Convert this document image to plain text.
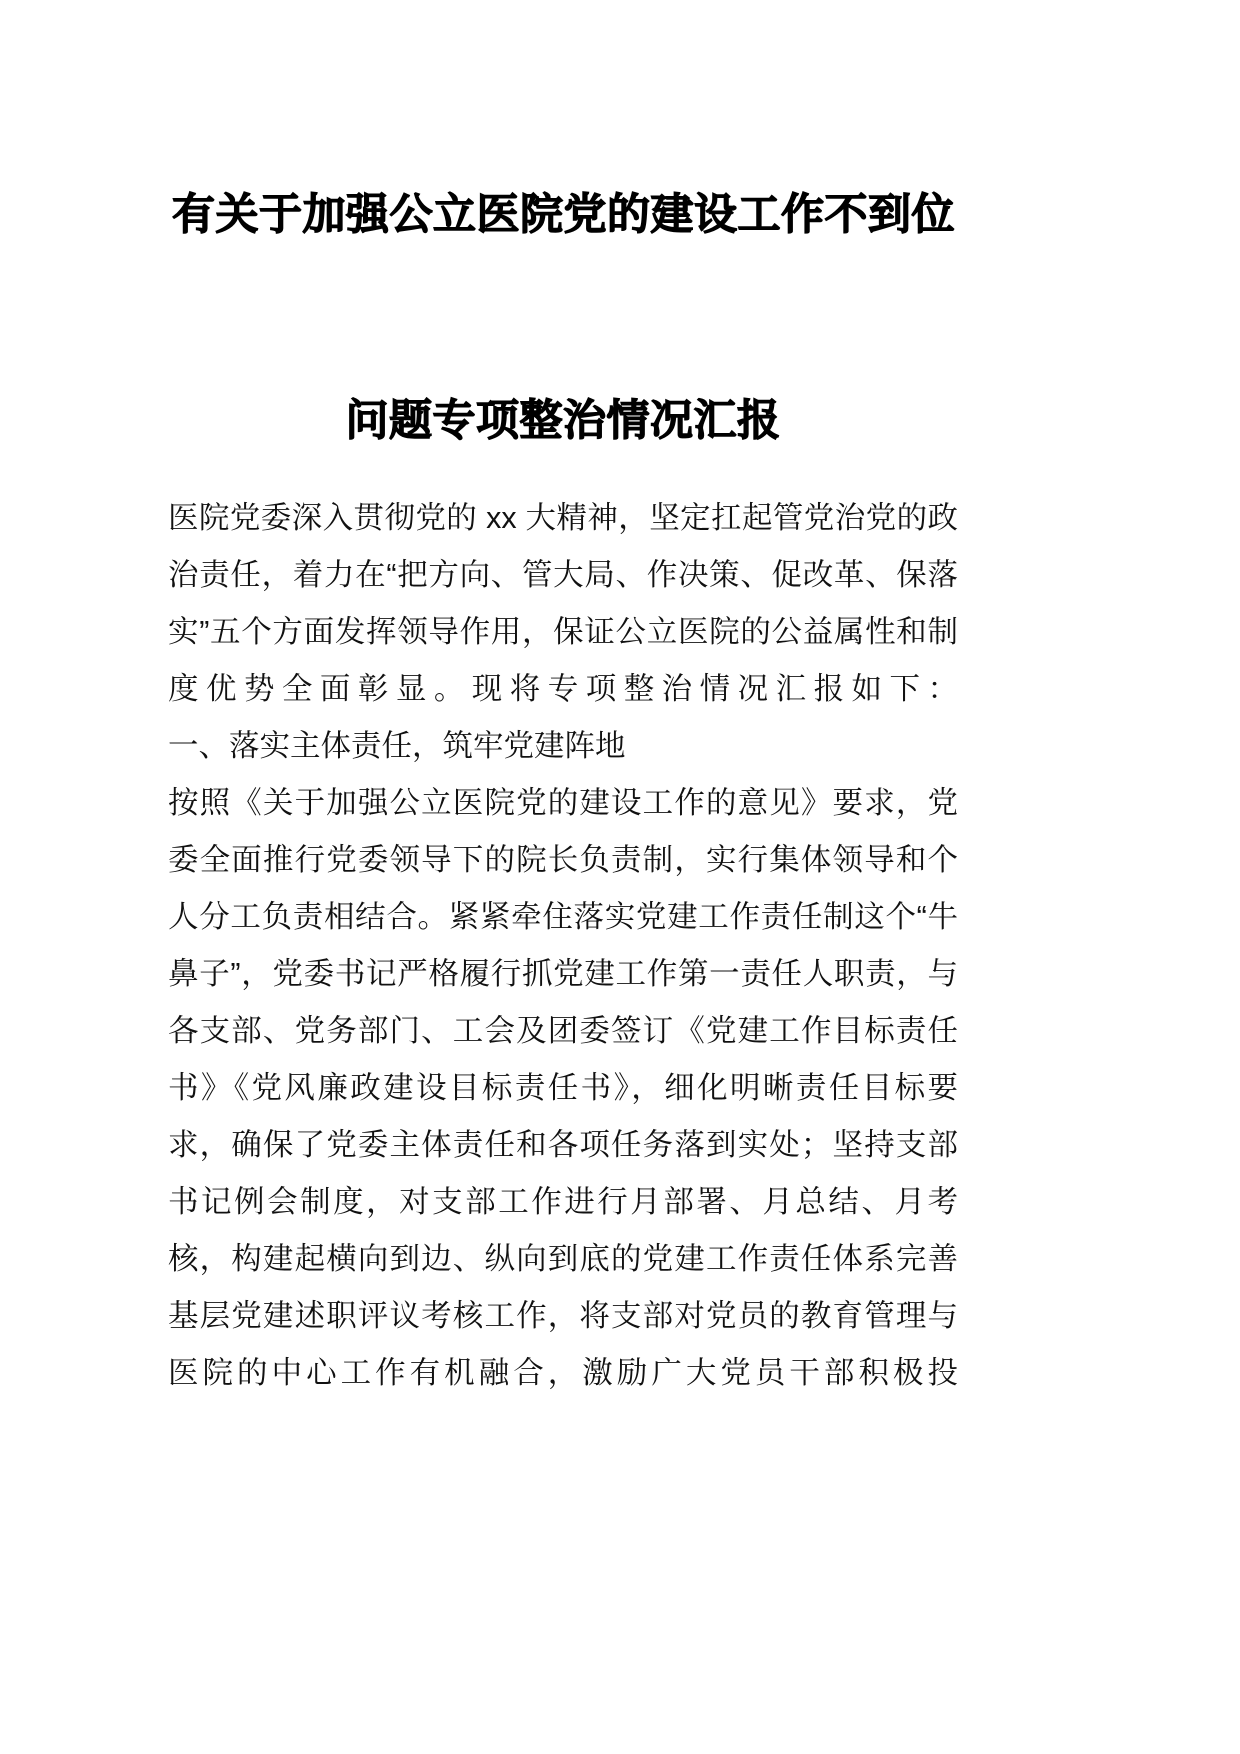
有关于加强公立医院党的建设工作不到位
问题专项整治情况汇报

医院党委深入贯彻党的 xx 大精神，坚定扛起管党治党的政治责任，着力在“把方向、管大局、作决策、促改革、保落实”五个方面发挥领导作用，保证公立医院的公益属性和制度优势全面彰显。现将专项整治情况汇报如下：

一、落实主体责任，筑牢党建阵地

按照《关于加强公立医院党的建设工作的意见》要求，党委全面推行党委领导下的院长负责制，实行集体领导和个人分工负责相结合。紧紧牵住落实党建工作责任制这个“牛鼻子”，党委书记严格履行抓党建工作第一责任人职责，与各支部、党务部门、工会及团委签订《党建工作目标责任书》《党风廉政建设目标责任书》，细化明晰责任目标要求，确保了党委主体责任和各项任务落到实处；坚持支部书记例会制度，对支部工作进行月部署、月总结、月考核，构建起横向到边、纵向到底的党建工作责任体系完善基层党建述职评议考核工作，将支部对党员的教育管理与医院的中心工作有机融合，激励广大党员干部积极投
